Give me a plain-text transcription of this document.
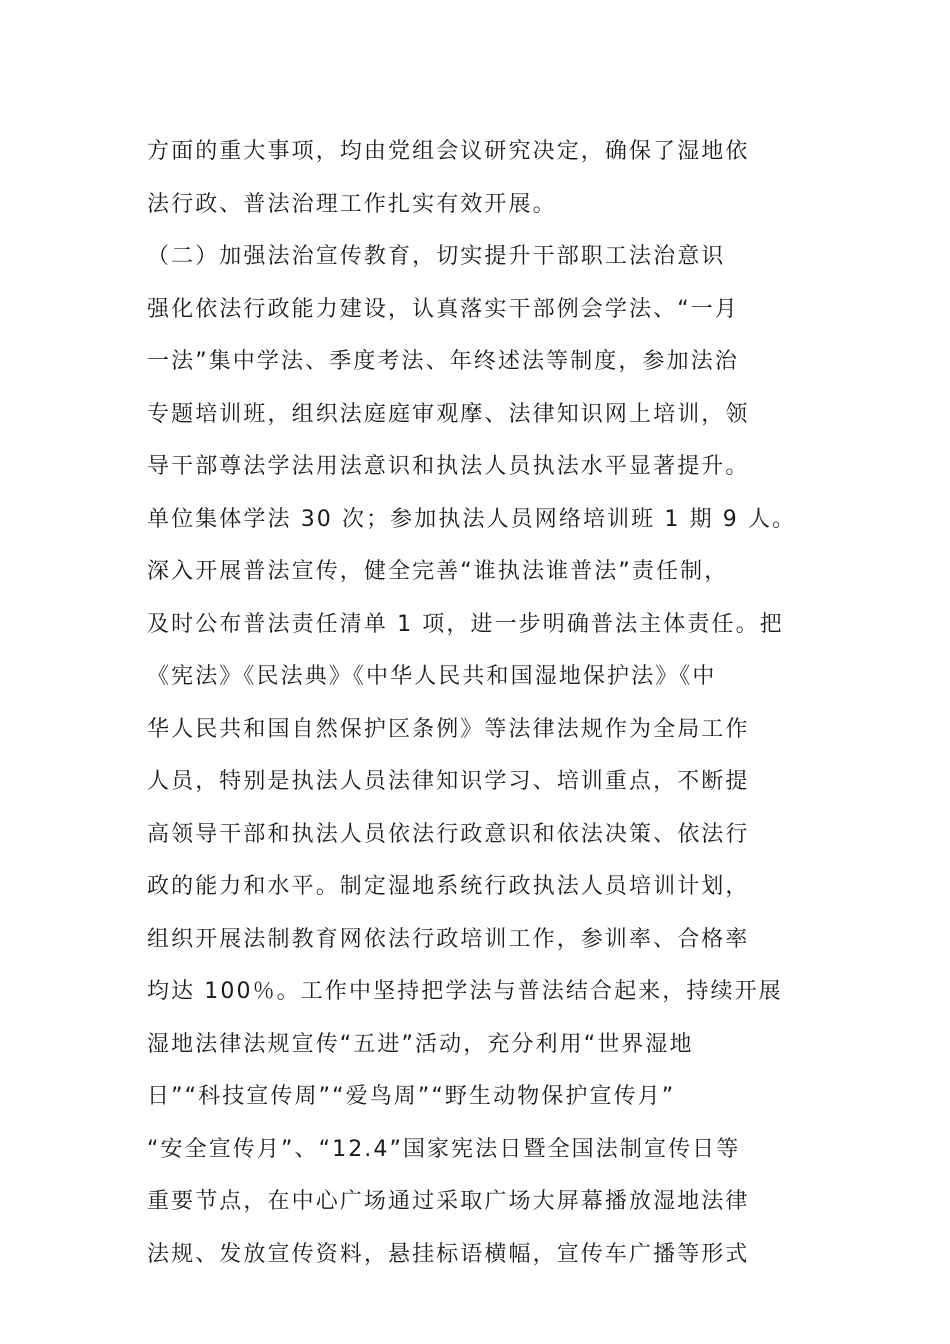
方面的重大事项，均由党组会议研究决定，确保了湿地依
法行政、普法治理工作扎实有效开展。
（二）加强法治宣传教育，切实提升干部职工法治意识
强化依法行政能力建设，认真落实干部例会学法、“一月
一法”集中学法、季度考法、年终述法等制度，参加法治
专题培训班，组织法庭庭审观摩、法律知识网上培训，领
导干部尊法学法用法意识和执法人员执法水平显著提升。
单位集体学法 30 次；参加执法人员网络培训班 1 期 9 人。
深入开展普法宣传，健全完善“谁执法谁普法”责任制，
及时公布普法责任清单 1 项，进一步明确普法主体责任。把
《宪法》《民法典》《中华人民共和国湿地保护法》《中
华人民共和国自然保护区条例》等法律法规作为全局工作
人员，特别是执法人员法律知识学习、培训重点，不断提
高领导干部和执法人员依法行政意识和依法决策、依法行
政的能力和水平。制定湿地系统行政执法人员培训计划，
组织开展法制教育网依法行政培训工作，参训率、合格率
均达 100％。工作中坚持把学法与普法结合起来，持续开展
湿地法律法规宣传“五进”活动，充分利用“世界湿地
日”“科技宣传周”“爱鸟周”“野生动物保护宣传月”
“安全宣传月”、“12.4”国家宪法日暨全国法制宣传日等
重要节点，在中心广场通过采取广场大屏幕播放湿地法律
法规、发放宣传资料，悬挂标语横幅，宣传车广播等形式
